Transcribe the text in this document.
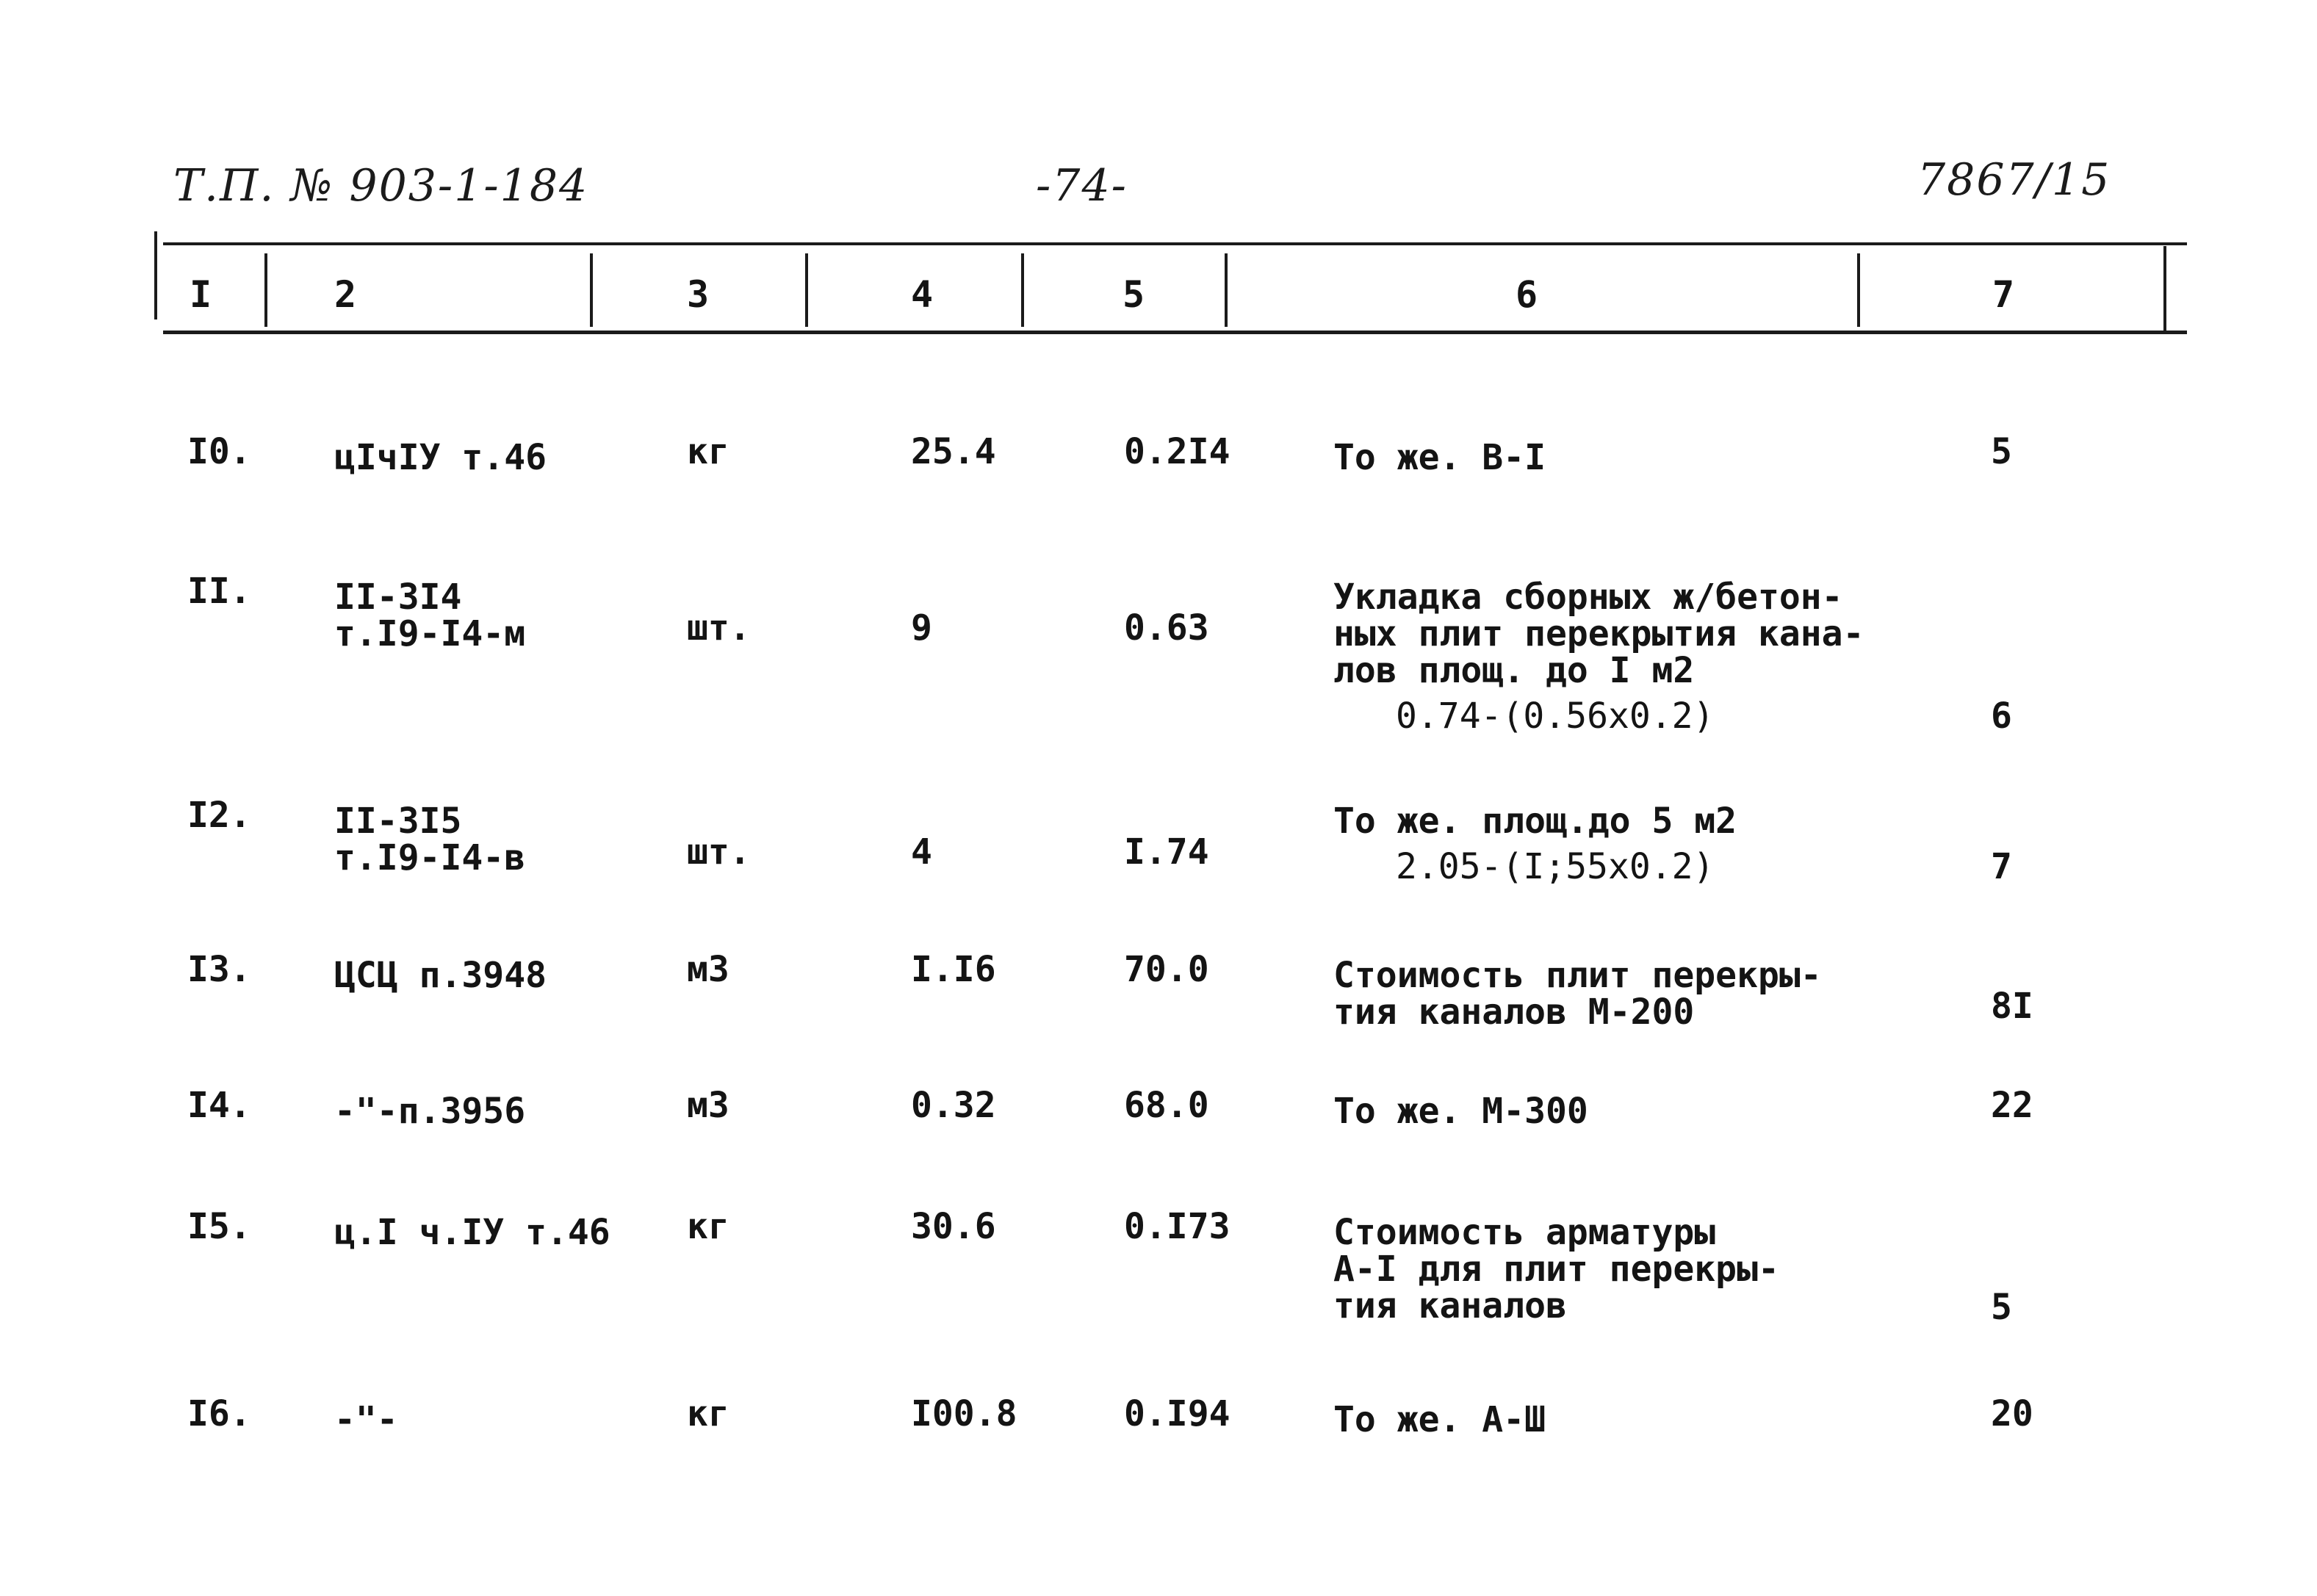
Т.П. № 903-1-184	-74-	7867/15
I	2	3	4	5	6	7
I0. цIчIУ т.46	кг	25.4	0.2I4	То же. В-I	5
II. II-3I4
т.I9-I4-м	шт.	9	0.63
Укладка сборных ж/бетон-
ных плит перекрытия кана-
лов площ. до I м2
0.74-(0.56х0.2)	6
I2. II-3I5
т.I9-I4-в	шт.	4	I.74
То же. площ.до 5 м2
2.05-(I;55х0.2)	7
I3. ЦСЦ п.3948	м3	I.I6	70.0	Стоимость плит перекры-
тия каналов М-200	8I
I4. -"-п.3956	м3	0.32	68.0	То же. М-300	22
I5. ц.I ч.IУ т.46 кг	30.6	0.I73	Стоимость арматуры
А-I для плит перекры-
тия каналов	5
I6. -"-	кг	I00.8	0.I94	То же. А-Ш	20
